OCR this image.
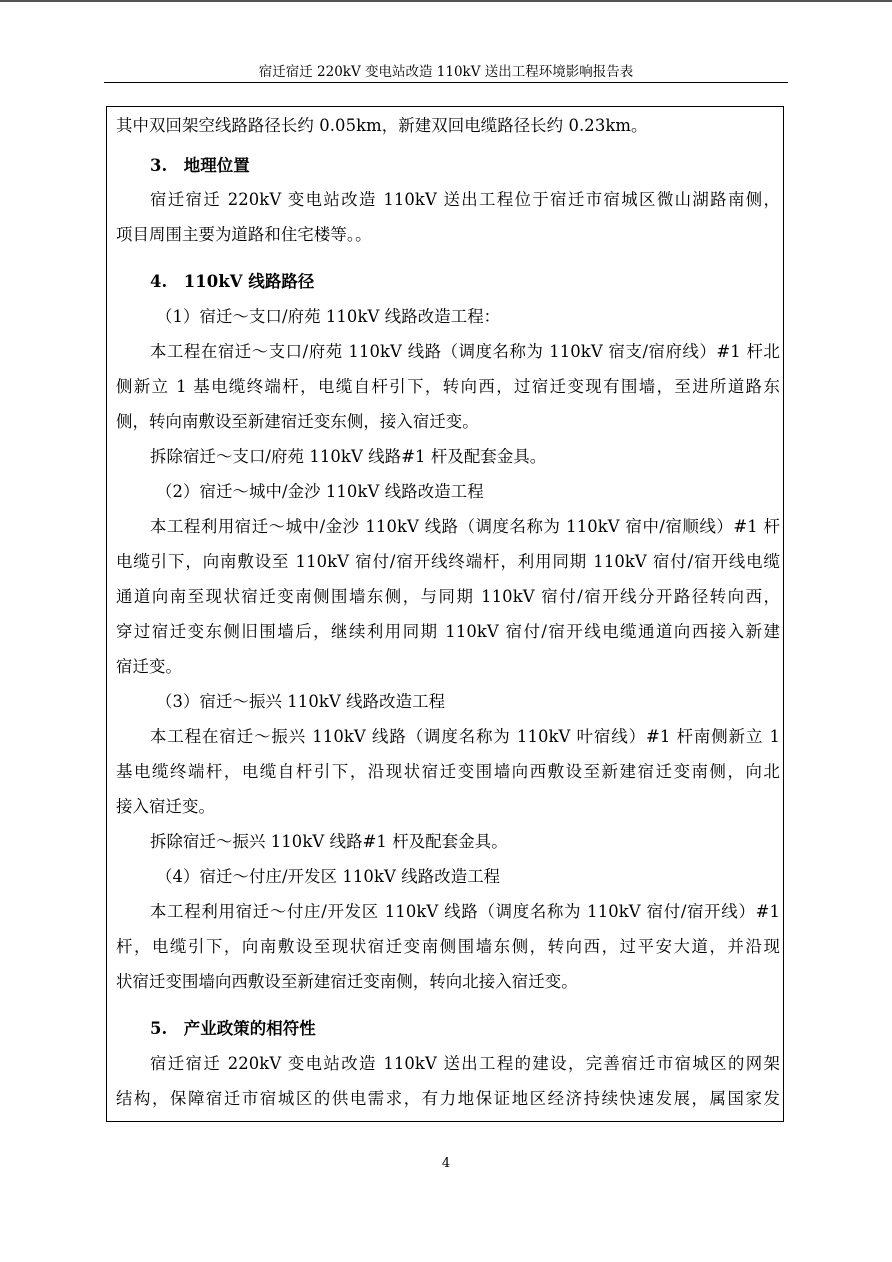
宿迁宿迁 220kV 变电站改造 110kV 送出工程环境影响报告表
其中双回架空线路路径长约 0.05km，新建双回电缆路径长约 0.23km。
3.　地理位置
宿迁宿迁 220kV 变电站改造 110kV 送出工程位于宿迁市宿城区微山湖路南侧，
项目周围主要为道路和住宅楼等。。
4.　110kV 线路路径
（1）宿迁～支口/府苑 110kV 线路改造工程：
本工程在宿迁～支口/府苑 110kV 线路（调度名称为 110kV 宿支/宿府线）#1 杆北
侧新立 1 基电缆终端杆，电缆自杆引下，转向西，过宿迁变现有围墙，至进所道路东
侧，转向南敷设至新建宿迁变东侧，接入宿迁变。
拆除宿迁～支口/府苑 110kV 线路#1 杆及配套金具。
（2）宿迁～城中/金沙 110kV 线路改造工程
本工程利用宿迁～城中/金沙 110kV 线路（调度名称为 110kV 宿中/宿顺线）#1 杆
电缆引下，向南敷设至 110kV 宿付/宿开线终端杆，利用同期 110kV 宿付/宿开线电缆
通道向南至现状宿迁变南侧围墙东侧，与同期 110kV 宿付/宿开线分开路径转向西，
穿过宿迁变东侧旧围墙后，继续利用同期 110kV 宿付/宿开线电缆通道向西接入新建
宿迁变。
（3）宿迁～振兴 110kV 线路改造工程
本工程在宿迁～振兴 110kV 线路（调度名称为 110kV 叶宿线）#1 杆南侧新立 1
基电缆终端杆，电缆自杆引下，沿现状宿迁变围墙向西敷设至新建宿迁变南侧，向北
接入宿迁变。
拆除宿迁～振兴 110kV 线路#1 杆及配套金具。
（4）宿迁～付庄/开发区 110kV 线路改造工程
本工程利用宿迁～付庄/开发区 110kV 线路（调度名称为 110kV 宿付/宿开线）#1
杆，电缆引下，向南敷设至现状宿迁变南侧围墙东侧，转向西，过平安大道，并沿现
状宿迁变围墙向西敷设至新建宿迁变南侧，转向北接入宿迁变。
5.　产业政策的相符性
宿迁宿迁 220kV 变电站改造 110kV 送出工程的建设，完善宿迁市宿城区的网架
结构，保障宿迁市宿城区的供电需求，有力地保证地区经济持续快速发展，属国家发
4
